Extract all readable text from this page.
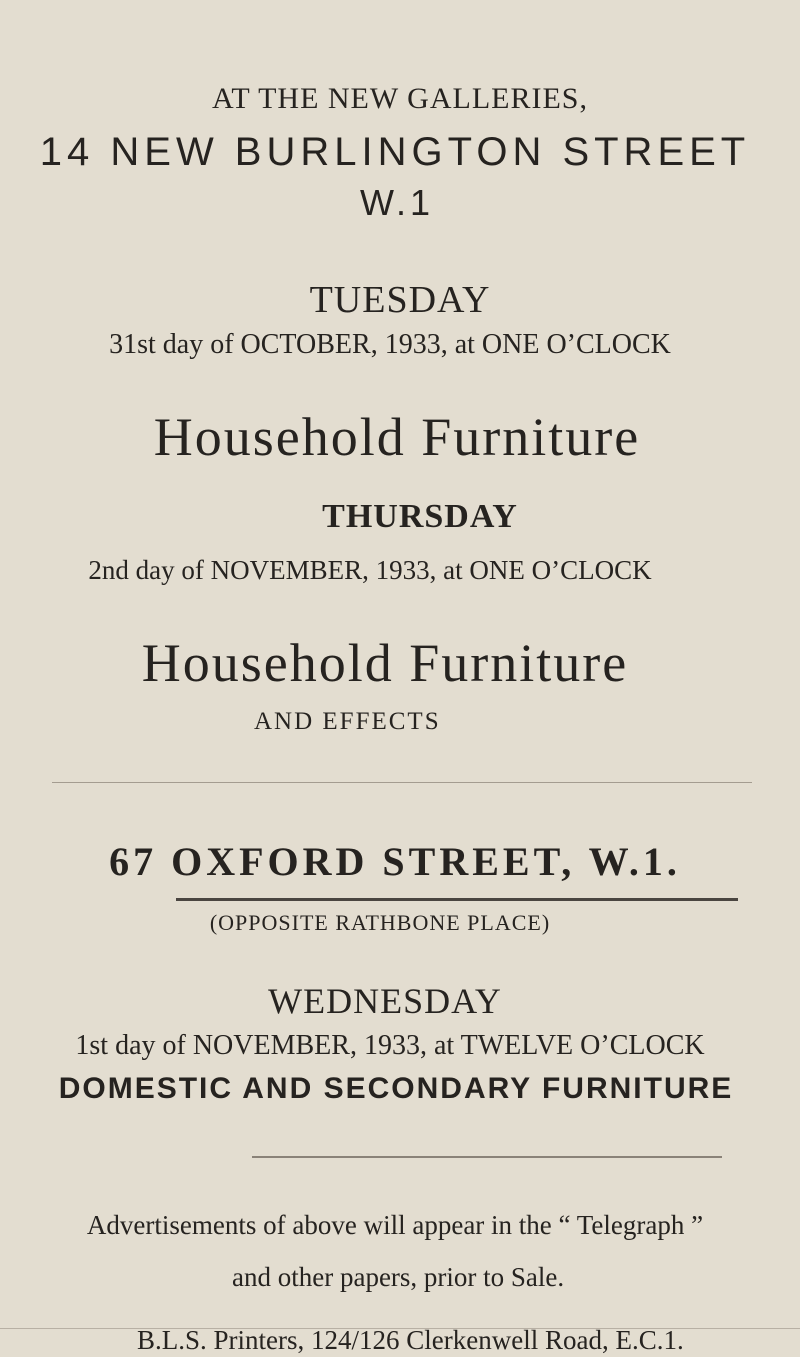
AT THE NEW GALLERIES,

14 NEW BURLINGTON STREET

W.1

TUESDAY

31st day of OCTOBER, 1933, at ONE O’CLOCK

Household Furniture

THURSDAY

2nd day of NOVEMBER, 1933, at ONE O’CLOCK

Household Furniture

AND EFFECTS

67 OXFORD STREET, W.1.

(OPPOSITE RATHBONE PLACE)

WEDNESDAY

1st day of NOVEMBER, 1933, at TWELVE O’CLOCK

DOMESTIC AND SECONDARY FURNITURE

Advertisements of above will appear in the “ Telegraph ”

and other papers, prior to Sale.

B.L.S. Printers, 124/126 Clerkenwell Road, E.C.1.
